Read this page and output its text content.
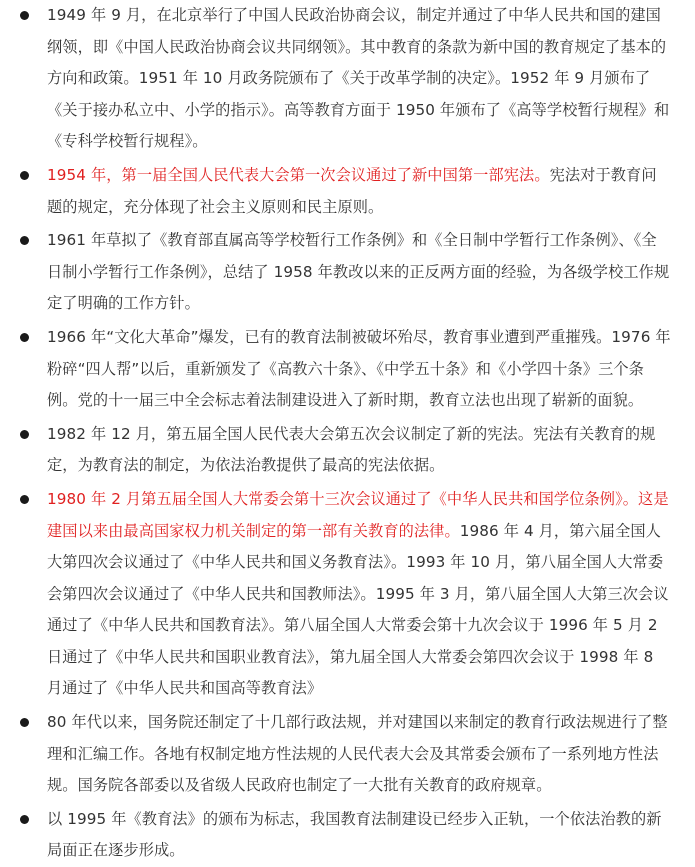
1949 年 9 月，在北京举行了中国人民政治协商会议，制定并通过了中华人民共和国的建国纲领，即《中国人民政治协商会议共同纲领》。其中教育的条款为新中国的教育规定了基本的方向和政策。1951 年 10 月政务院颁布了《关于改革学制的决定》。1952 年 9 月颁布了《关于接办私立中、小学的指示》。高等教育方面于 1950 年颁布了《高等学校暂行规程》和《专科学校暂行规程》。
1954 年，第一届全国人民代表大会第一次会议通过了新中国第一部宪法。宪法对于教育问题的规定，充分体现了社会主义原则和民主原则。
1961 年草拟了《教育部直属高等学校暂行工作条例》和《全日制中学暂行工作条例》、《全日制小学暂行工作条例》，总结了 1958 年教改以来的正反两方面的经验，为各级学校工作规定了明确的工作方针。
1966 年“文化大革命”爆发，已有的教育法制被破坏殆尽，教育事业遭到严重摧残。1976 年粉碎“四人帮”以后，重新颁发了《高教六十条》、《中学五十条》和《小学四十条》三个条例。党的十一届三中全会标志着法制建设进入了新时期，教育立法也出现了崭新的面貌。
1982 年 12 月，第五届全国人民代表大会第五次会议制定了新的宪法。宪法有关教育的规定，为教育法的制定，为依法治教提供了最高的宪法依据。
1980 年 2 月第五届全国人大常委会第十三次会议通过了《中华人民共和国学位条例》。这是建国以来由最高国家权力机关制定的第一部有关教育的法律。1986 年 4 月，第六届全国人大第四次会议通过了《中华人民共和国义务教育法》。1993 年 10 月，第八届全国人大常委会第四次会议通过了《中华人民共和国教师法》。1995 年 3 月，第八届全国人大第三次会议通过了《中华人民共和国教育法》。第八届全国人大常委会第十九次会议于 1996 年 5 月 2 日通过了《中华人民共和国职业教育法》，第九届全国人大常委会第四次会议于 1998 年 8 月通过了《中华人民共和国高等教育法》
80 年代以来，国务院还制定了十几部行政法规，并对建国以来制定的教育行政法规进行了整理和汇编工作。各地有权制定地方性法规的人民代表大会及其常委会颁布了一系列地方性法规。国务院各部委以及省级人民政府也制定了一大批有关教育的政府规章。
以 1995 年《教育法》的颁布为标志，我国教育法制建设已经步入正轨，一个依法治教的新局面正在逐步形成。
